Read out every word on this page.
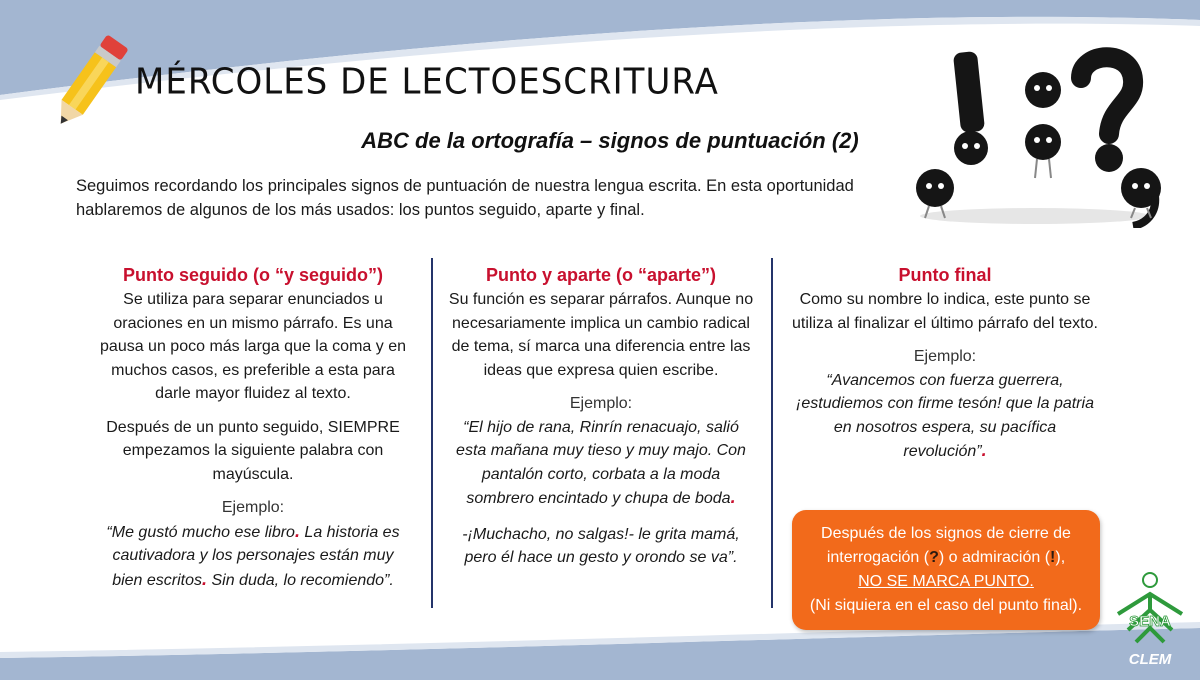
MÉRCOLES DE LECTOESCRITURA
ABC de la ortografía – signos de puntuación (2)
Seguimos recordando los principales signos de puntuación de nuestra lengua escrita. En esta oportunidad hablaremos de algunos de los más usados: los puntos seguido, aparte y final.
Punto seguido (o “y seguido”)

Se utiliza para separar enunciados u oraciones en un mismo párrafo. Es una pausa un poco más larga que la coma y en muchos casos, es preferible a esta para darle mayor fluidez al texto.

Después de un punto seguido, SIEMPRE empezamos la siguiente palabra con mayúscula.

Ejemplo:

“Me gustó mucho ese libro. La historia es cautivadora y los personajes están muy bien escritos. Sin duda, lo recomiendo”.

Punto y aparte (o “aparte”)

Su función es separar párrafos. Aunque no necesariamente implica un cambio radical de tema, sí marca una diferencia entre las ideas que expresa quien escribe.

Ejemplo:

“El hijo de rana, Rinrín renacuajo, salió esta mañana muy tieso y muy majo. Con pantalón corto, corbata a la moda sombrero encintado y chupa de boda.

-¡Muchacho, no salgas!- le grita mamá, pero él hace un gesto y orondo se va”.

Punto final

Como su nombre lo indica, este punto se utiliza al finalizar el último párrafo del texto.

Ejemplo:

“Avancemos con fuerza guerrera, ¡estudiemos con firme tesón! que la patria en nosotros espera, su pacífica revolución”.

Después de los signos de cierre de
interrogación (?) o admiración (!),
NO SE MARCA PUNTO.
(Ni siquiera en el caso del punto final).
SENA
CLEM
